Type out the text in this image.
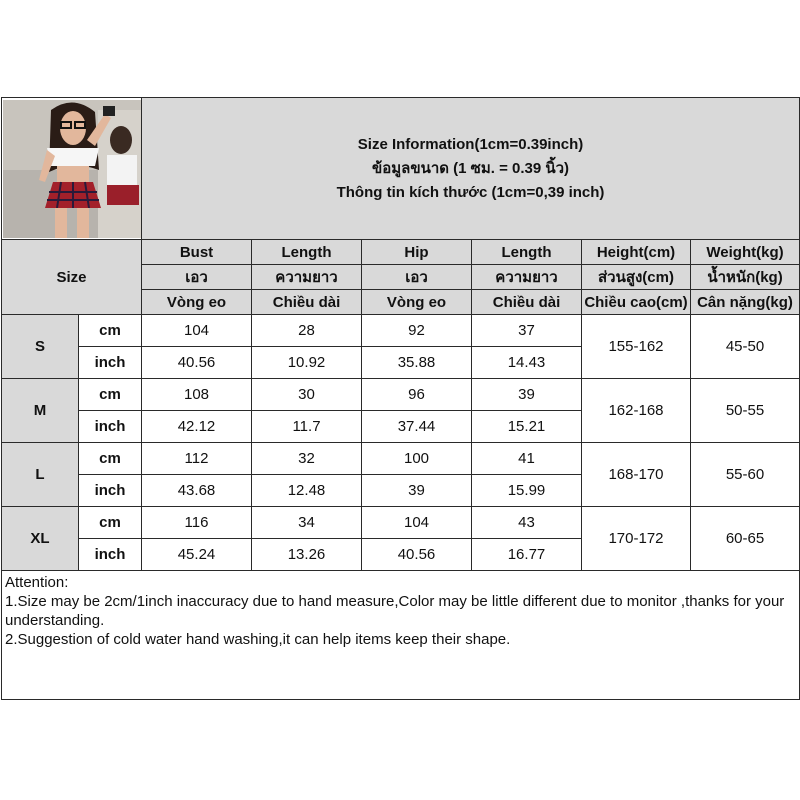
Size Information(1cm=0.39inch)
ข้อมูลขนาด (1 ซม. = 0.39 นิ้ว)
Thông tin kích thước (1cm=0,39 inch)					

Size		Bust	Length	Hip	Length	Height(cm)	Weight(kg)
		เอว	ความยาว	เอว	ความยาว	ส่วนสูง(cm)	น้ำหนัก(kg)
		Vòng eo	Chiều dài	Vòng eo	Chiều dài	Chiều cao(cm)	Cân nặng(kg)
S	cm	104	28	92	37	155-162	45-50
	inch	40.56	10.92	35.88	14.43		
M	cm	108	30	96	39	162-168	50-55
	inch	42.12	11.7	37.44	15.21		
L	cm	112	32	100	41	168-170	55-60
	inch	43.68	12.48	39	15.99		
XL	cm	116	34	104	43	170-172	60-65
	inch	45.24	13.26	40.56	16.77		

Attention:
1.Size may be 2cm/1inch inaccuracy due to hand measure,Color may be little different due to monitor ,thanks for your understanding.
2.Suggestion of cold water hand washing,it can help items keep their shape.							
